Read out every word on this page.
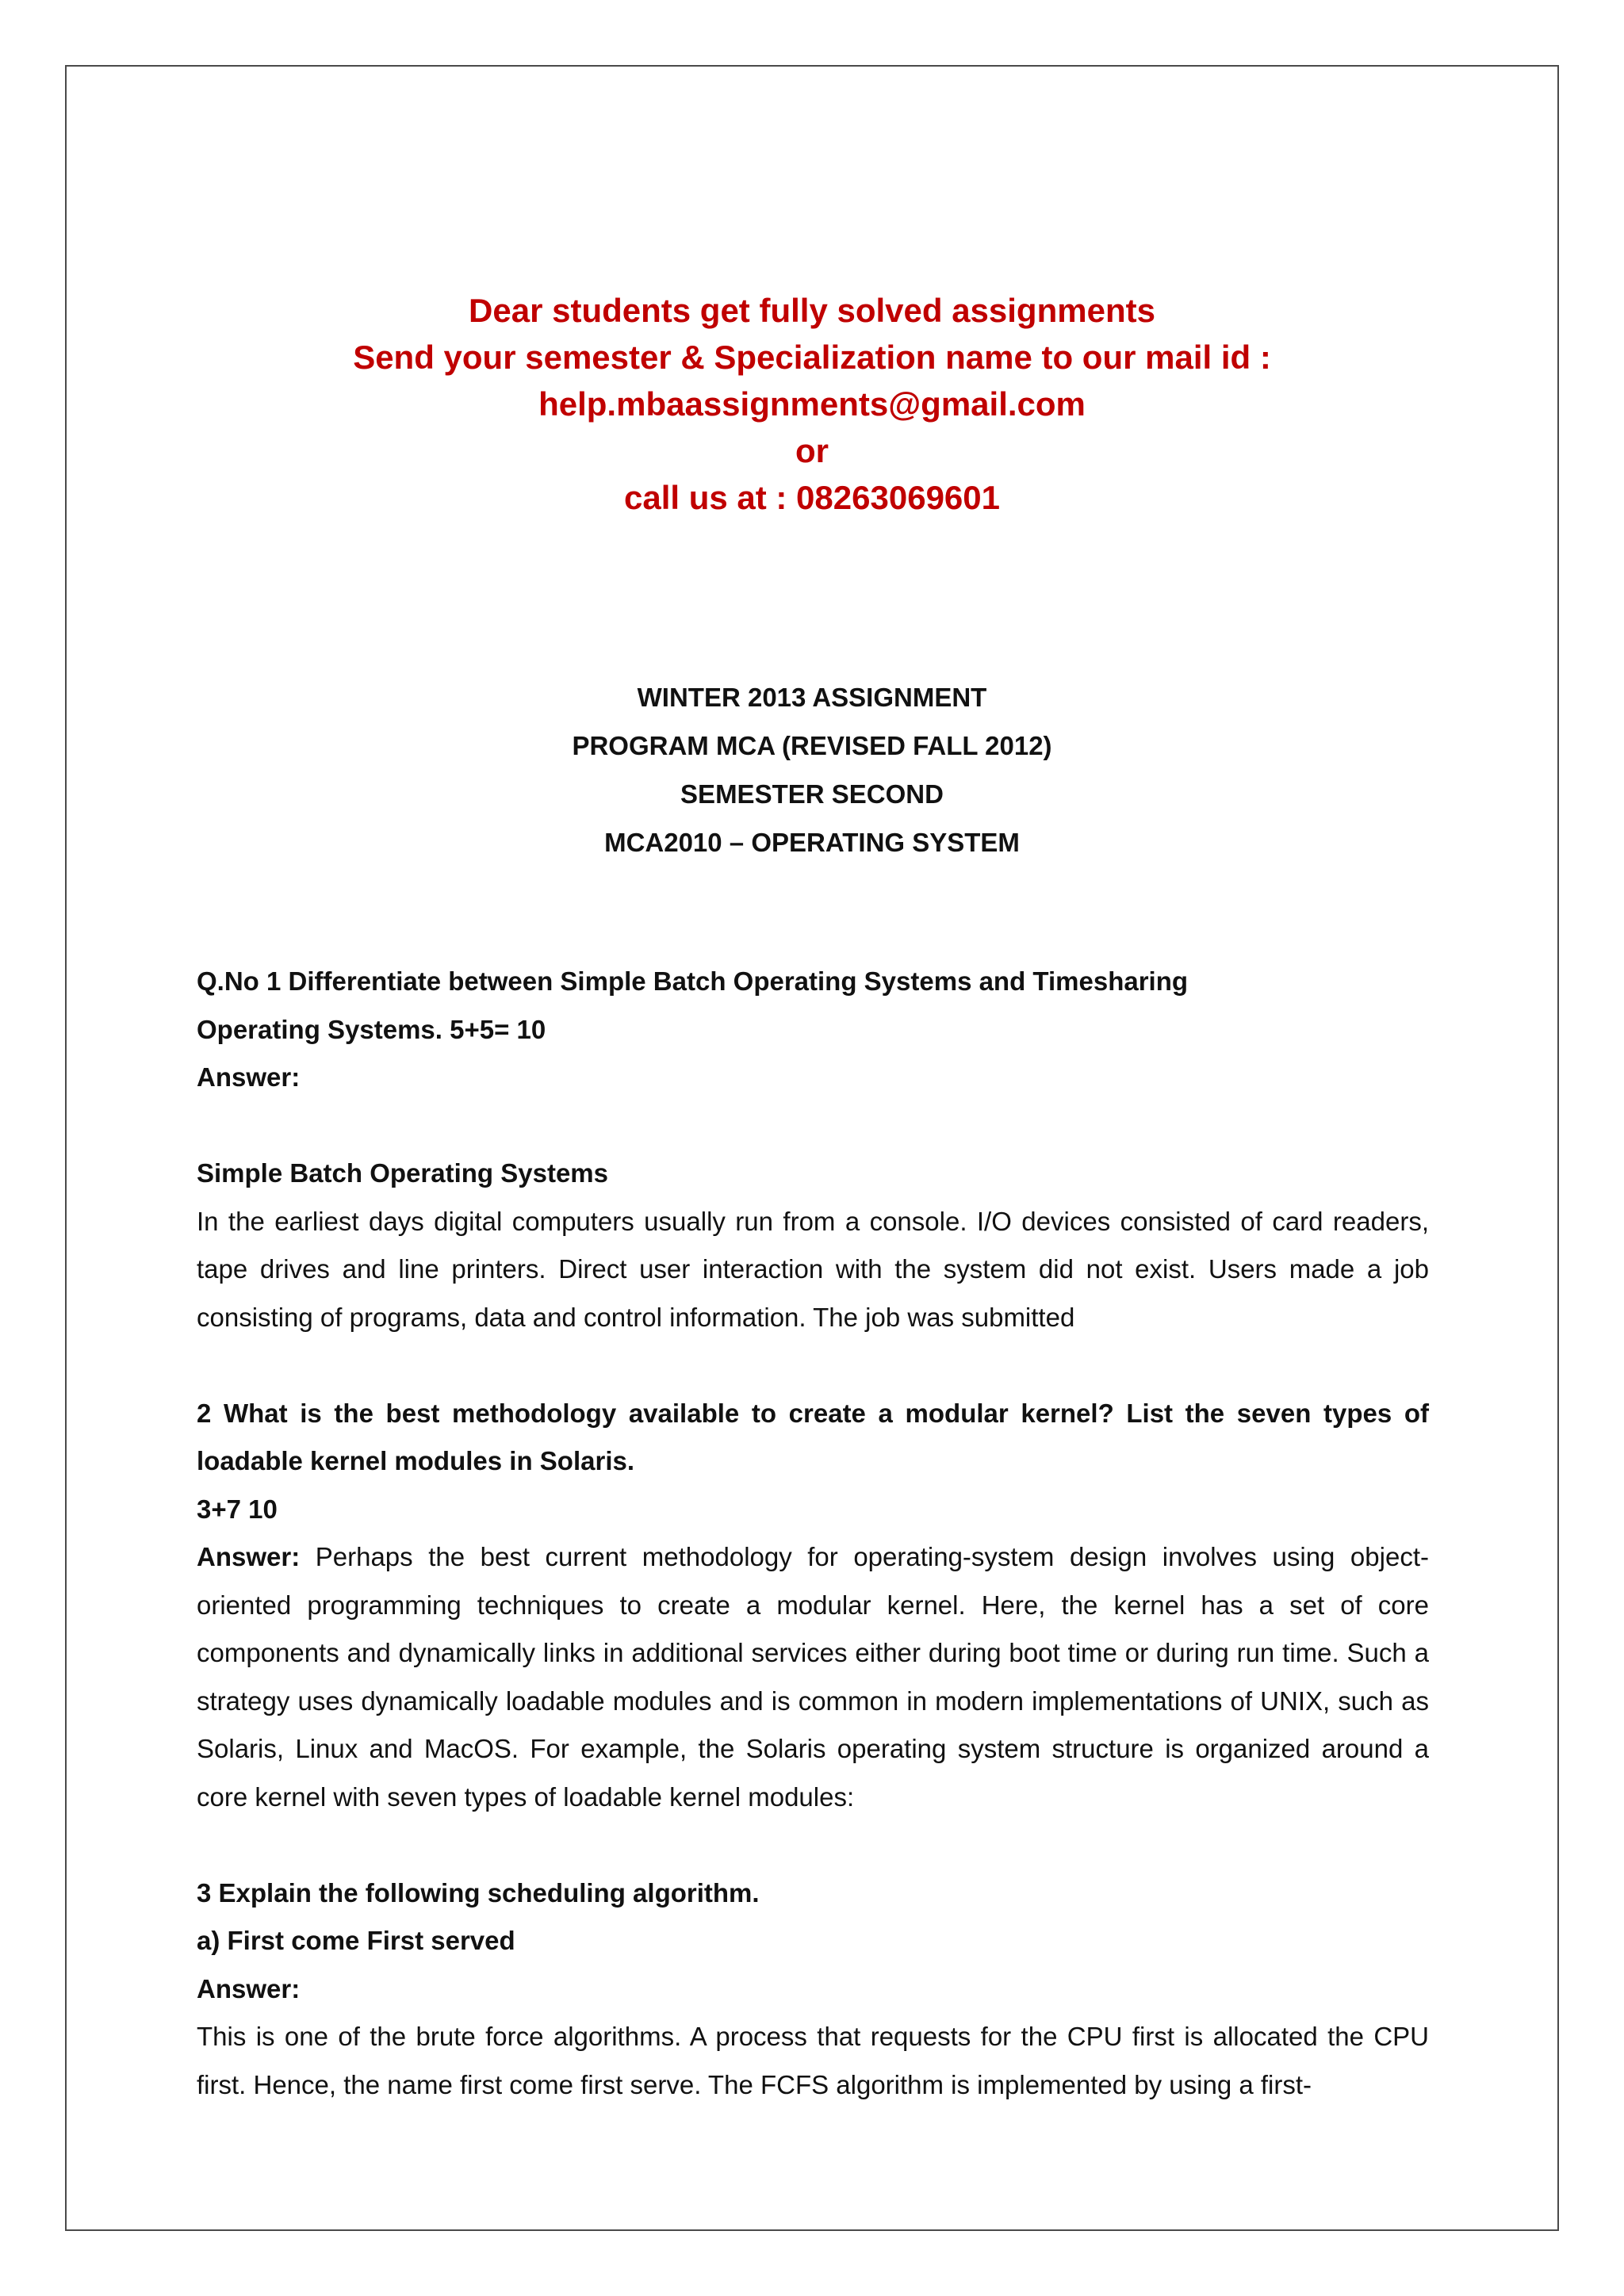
Dear students get fully solved assignments
Send your semester & Specialization name to our mail id :
help.mbaassignments@gmail.com
or
call us at : 08263069601
WINTER 2013 ASSIGNMENT
PROGRAM MCA (REVISED FALL 2012)
SEMESTER SECOND
MCA2010 – OPERATING SYSTEM
Q.No 1 Differentiate between Simple Batch Operating Systems and Timesharing
Operating Systems. 5+5= 10
Answer:
Simple Batch Operating Systems
In the earliest days digital computers usually run from a console. I/O devices consisted of card readers, tape drives and line printers. Direct user interaction with the system did not exist. Users made a job consisting of programs, data and control information. The job was submitted
2 What is the best methodology available to create a modular kernel? List the seven types of loadable kernel modules in Solaris.
3+7 10
Answer: Perhaps the best current methodology for operating-system design involves using object-oriented programming techniques to create a modular kernel. Here, the kernel has a set of core components and dynamically links in additional services either during boot time or during run time. Such a strategy uses dynamically loadable modules and is common in modern implementations of UNIX, such as Solaris, Linux and MacOS. For example, the Solaris operating system structure is organized around a core kernel with seven types of loadable kernel modules:
3 Explain the following scheduling algorithm.
a) First come First served
Answer:
This is one of the brute force algorithms. A process that requests for the CPU first is allocated the CPU first. Hence, the name first come first serve. The FCFS algorithm is implemented by using a first-
